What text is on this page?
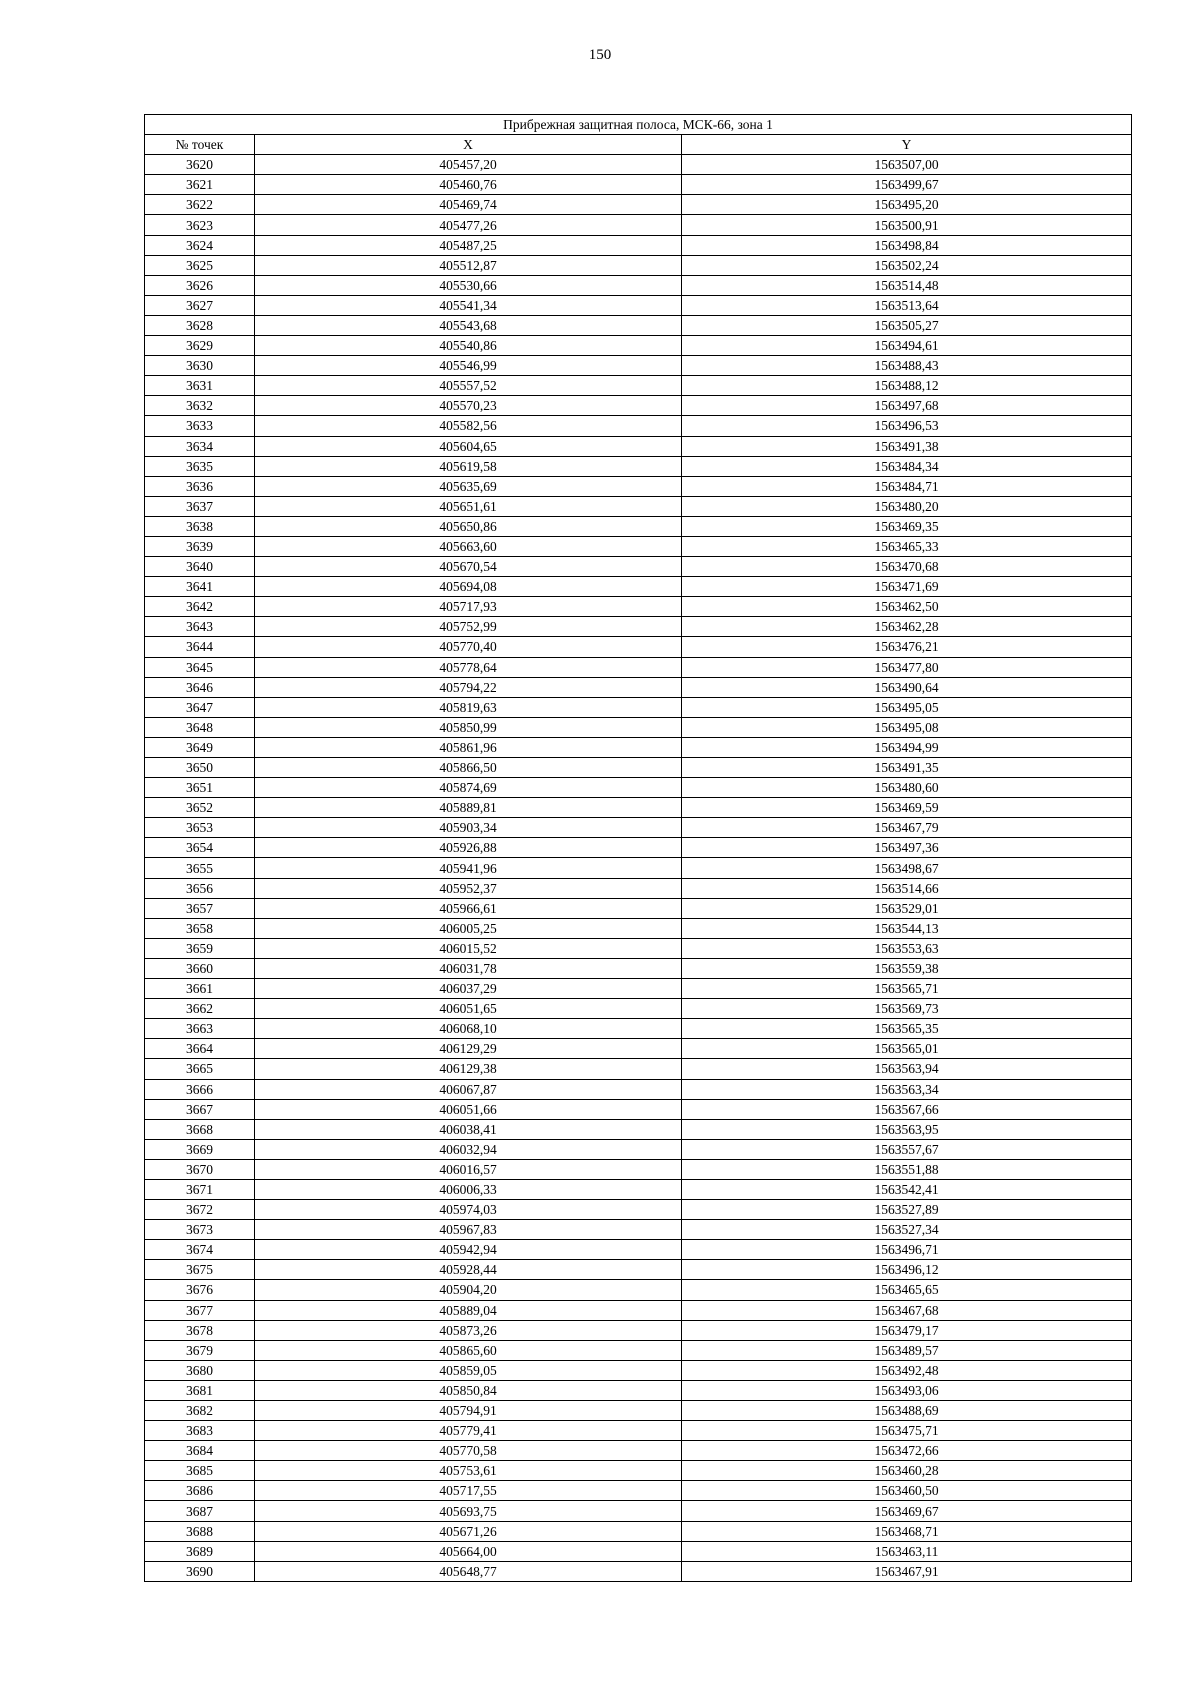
150
Прибрежная защитная полоса, МСК-66, зона 1		
№ точек	X	Y
3620	405457,20	1563507,00
3621	405460,76	1563499,67
3622	405469,74	1563495,20
3623	405477,26	1563500,91
3624	405487,25	1563498,84
3625	405512,87	1563502,24
3626	405530,66	1563514,48
3627	405541,34	1563513,64
3628	405543,68	1563505,27
3629	405540,86	1563494,61
3630	405546,99	1563488,43
3631	405557,52	1563488,12
3632	405570,23	1563497,68
3633	405582,56	1563496,53
3634	405604,65	1563491,38
3635	405619,58	1563484,34
3636	405635,69	1563484,71
3637	405651,61	1563480,20
3638	405650,86	1563469,35
3639	405663,60	1563465,33
3640	405670,54	1563470,68
3641	405694,08	1563471,69
3642	405717,93	1563462,50
3643	405752,99	1563462,28
3644	405770,40	1563476,21
3645	405778,64	1563477,80
3646	405794,22	1563490,64
3647	405819,63	1563495,05
3648	405850,99	1563495,08
3649	405861,96	1563494,99
3650	405866,50	1563491,35
3651	405874,69	1563480,60
3652	405889,81	1563469,59
3653	405903,34	1563467,79
3654	405926,88	1563497,36
3655	405941,96	1563498,67
3656	405952,37	1563514,66
3657	405966,61	1563529,01
3658	406005,25	1563544,13
3659	406015,52	1563553,63
3660	406031,78	1563559,38
3661	406037,29	1563565,71
3662	406051,65	1563569,73
3663	406068,10	1563565,35
3664	406129,29	1563565,01
3665	406129,38	1563563,94
3666	406067,87	1563563,34
3667	406051,66	1563567,66
3668	406038,41	1563563,95
3669	406032,94	1563557,67
3670	406016,57	1563551,88
3671	406006,33	1563542,41
3672	405974,03	1563527,89
3673	405967,83	1563527,34
3674	405942,94	1563496,71
3675	405928,44	1563496,12
3676	405904,20	1563465,65
3677	405889,04	1563467,68
3678	405873,26	1563479,17
3679	405865,60	1563489,57
3680	405859,05	1563492,48
3681	405850,84	1563493,06
3682	405794,91	1563488,69
3683	405779,41	1563475,71
3684	405770,58	1563472,66
3685	405753,61	1563460,28
3686	405717,55	1563460,50
3687	405693,75	1563469,67
3688	405671,26	1563468,71
3689	405664,00	1563463,11
3690	405648,77	1563467,91
